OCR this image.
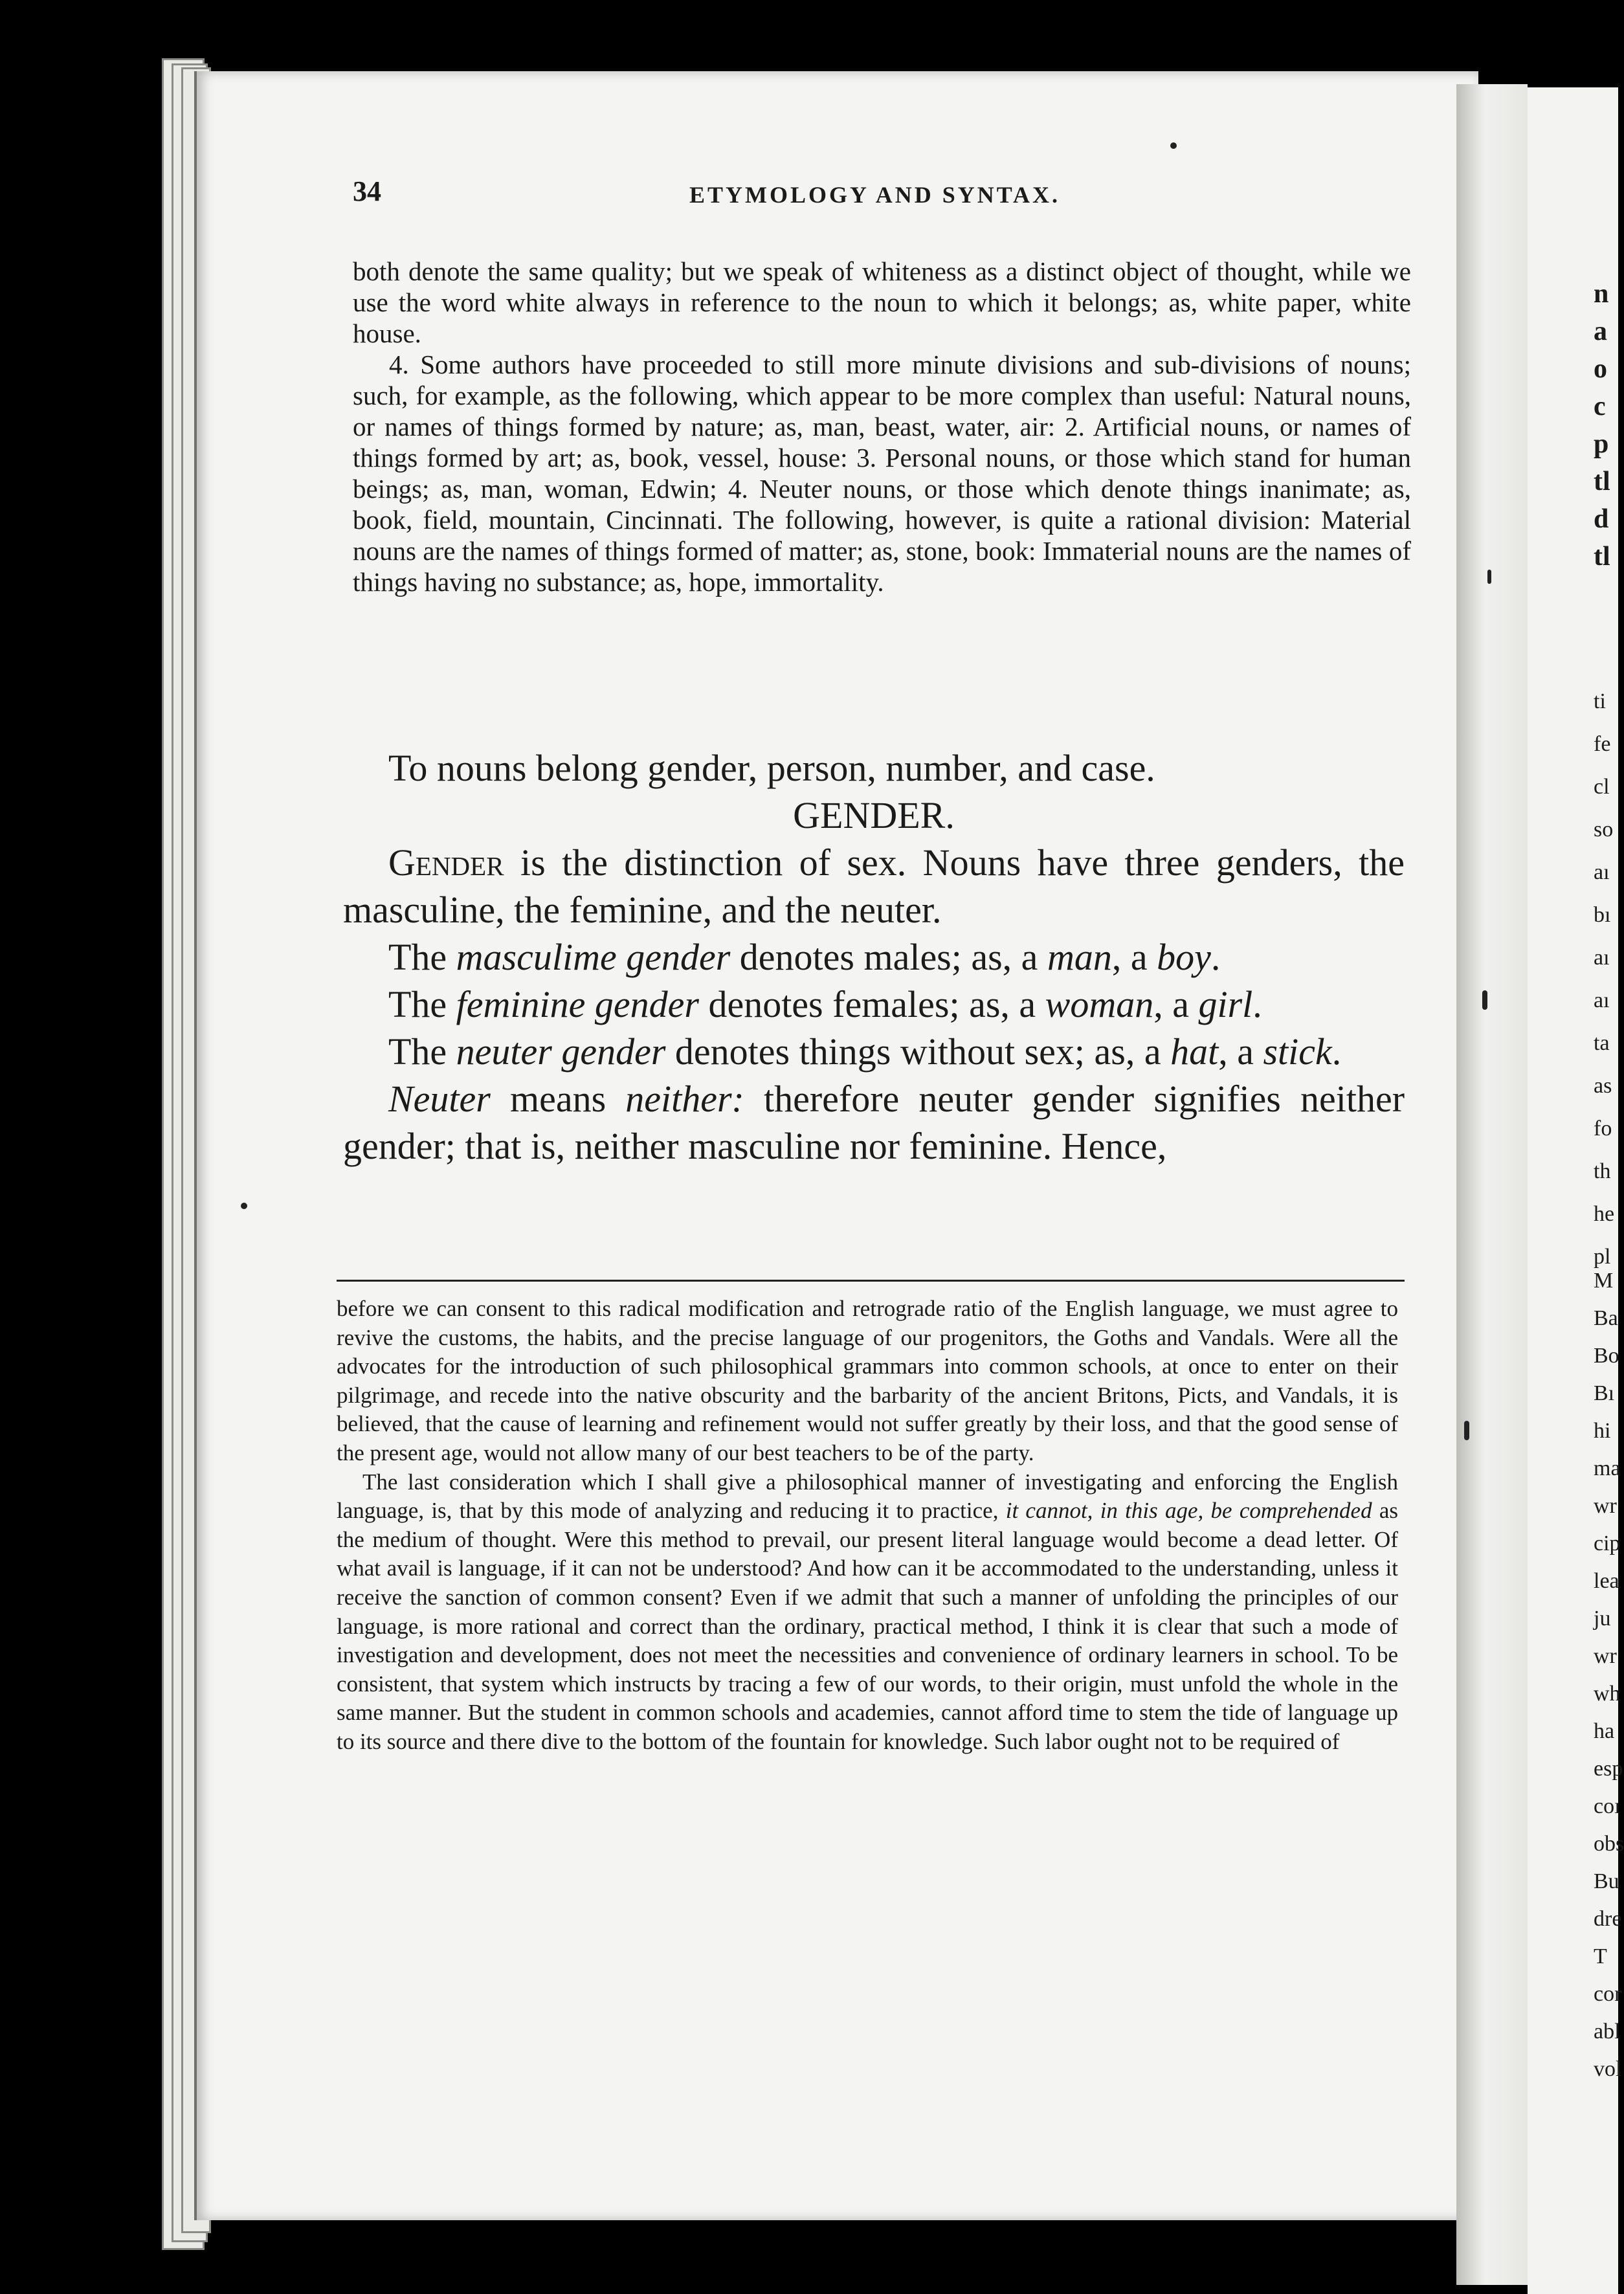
34	ETYMOLOGY AND SYNTAX.

both denote the same quality; but we speak of whiteness as a distinct object of thought, while we use the word white always in reference to the noun to which it belongs; as, white paper, white house.

4. Some authors have proceeded to still more minute divisions and sub-divisions of nouns; such, for example, as the following, which appear to be more complex than useful: Natural nouns, or names of things formed by nature; as, man, beast, water, air: 2. Artificial nouns, or names of things formed by art; as, book, vessel, house: 3. Personal nouns, or those which stand for human beings; as, man, woman, Edwin; 4. Neuter nouns, or those which denote things inanimate; as, book, field, mountain, Cincinnati. The following, however, is quite a rational division: Material nouns are the names of things formed of matter; as, stone, book: Immaterial nouns are the names of things having no substance; as, hope, immortality.

To nouns belong gender, person, number, and case.

GENDER.

Gender is the distinction of sex. Nouns have three genders, the masculine, the feminine, and the neuter.

The masculime gender denotes males; as, a man, a boy.

The feminine gender denotes females; as, a woman, a girl.

The neuter gender denotes things without sex; as, a hat, a stick.

Neuter means neither: therefore neuter gender signifies neither gender; that is, neither masculine nor feminine. Hence,

before we can consent to this radical modification and retrograde ratio of the English language, we must agree to revive the customs, the habits, and the precise language of our progenitors, the Goths and Vandals. Were all the advocates for the introduction of such philosophical grammars into common schools, at once to enter on their pilgrimage, and recede into the native obscurity and the barbarity of the ancient Britons, Picts, and Vandals, it is believed, that the cause of learning and refinement would not suffer greatly by their loss, and that the good sense of the present age, would not allow many of our best teachers to be of the party.

The last consideration which I shall give a philosophical manner of investigating and enforcing the English language, is, that by this mode of analyzing and reducing it to practice, it cannot, in this age, be comprehended as the medium of thought. Were this method to prevail, our present literal language would become a dead letter. Of what avail is language, if it can not be understood? And how can it be accommodated to the understanding, unless it receive the sanction of common consent? Even if we admit that such a manner of unfolding the principles of our language, is more rational and correct than the ordinary, practical method, I think it is clear that such a mode of investigation and development, does not meet the necessities and convenience of ordinary learners in school. To be consistent, that system which instructs by tracing a few of our words, to their origin, must unfold the whole in the same manner. But the student in common schools and academies, cannot afford time to stem the tide of language up to its source and there dive to the bottom of the fountain for knowledge. Such labor ought not to be required of

n
a
o
c
p
tl
d
tl
ti
fe
cl
so
aı
bı
aı
aı
ta
as
fo
th
he
pl
M
Ba
Bo
Bı
hi
ma
wr
cip
lea
ju
wr
wh
ha
esp
coı
obs
Bu
dre
T
cor
abl
vol
